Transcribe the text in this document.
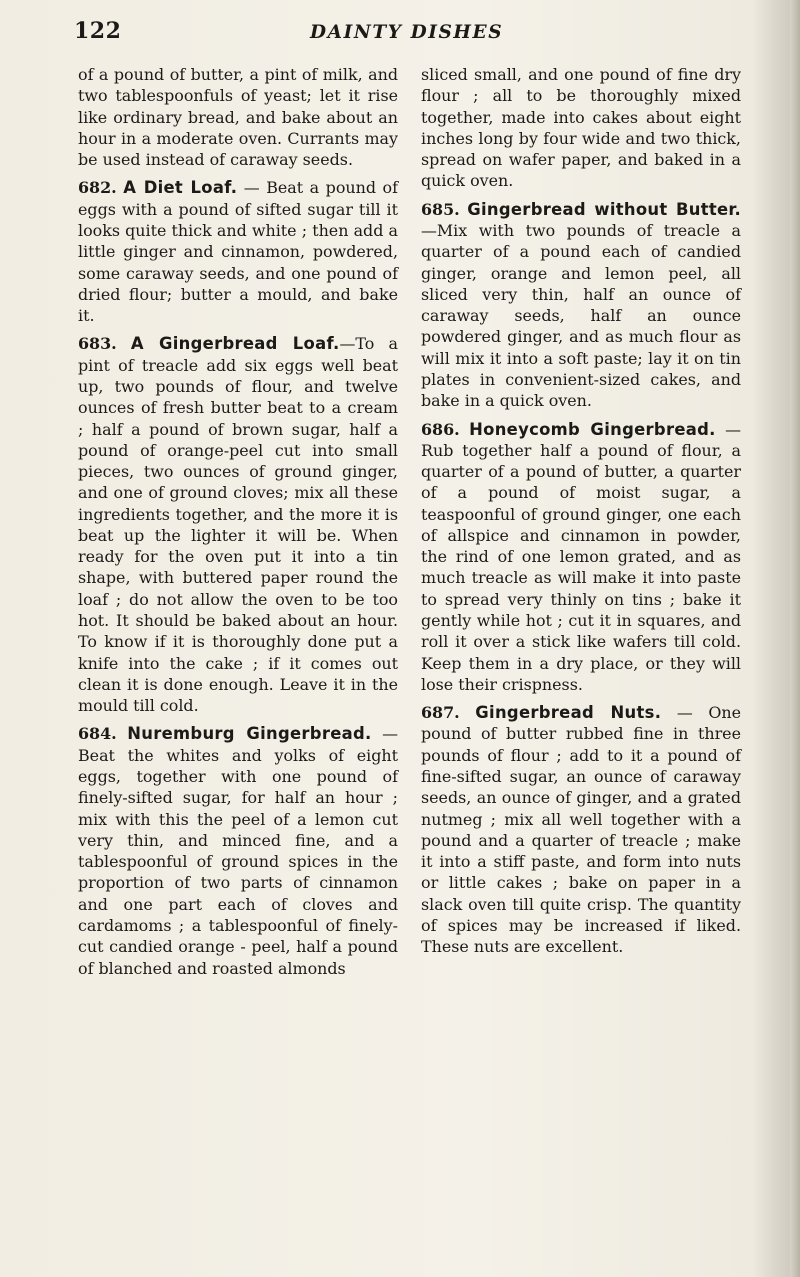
122	DAINTY DISHES

of a pound of butter, a pint of milk, and two tablespoonfuls of yeast; let it rise like ordinary bread, and bake about an hour in a moderate oven. Currants may be used instead of caraway seeds.

682. A Diet Loaf. — Beat a pound of eggs with a pound of sifted sugar till it looks quite thick and white ; then add a little ginger and cinnamon, powdered, some caraway seeds, and one pound of dried flour; butter a mould, and bake it.

683. A Gingerbread Loaf.—To a pint of treacle add six eggs well beat up, two pounds of flour, and twelve ounces of fresh butter beat to a cream ; half a pound of brown sugar, half a pound of orange-peel cut into small pieces, two ounces of ground ginger, and one of ground cloves; mix all these ingredients together, and the more it is beat up the lighter it will be. When ready for the oven put it into a tin shape, with buttered paper round the loaf ; do not allow the oven to be too hot. It should be baked about an hour. To know if it is thoroughly done put a knife into the cake ; if it comes out clean it is done enough. Leave it in the mould till cold.

684. Nuremburg Gingerbread. —Beat the whites and yolks of eight eggs, together with one pound of finely-sifted sugar, for half an hour ; mix with this the peel of a lemon cut very thin, and minced fine, and a tablespoonful of ground spices in the proportion of two parts of cinnamon and one part each of cloves and cardamoms ; a tablespoonful of finely-cut candied orange - peel, half a pound of blanched and roasted almonds

sliced small, and one pound of fine dry flour ; all to be thoroughly mixed together, made into cakes about eight inches long by four wide and two thick, spread on wafer paper, and baked in a quick oven.

685. Gingerbread without Butter.—Mix with two pounds of treacle a quarter of a pound each of candied ginger, orange and lemon peel, all sliced very thin, half an ounce of caraway seeds, half an ounce powdered ginger, and as much flour as will mix it into a soft paste; lay it on tin plates in convenient-sized cakes, and bake in a quick oven.

686. Honeycomb Gingerbread. —Rub together half a pound of flour, a quarter of a pound of butter, a quarter of a pound of moist sugar, a teaspoonful of ground ginger, one each of allspice and cinnamon in powder, the rind of one lemon grated, and as much treacle as will make it into paste to spread very thinly on tins ; bake it gently while hot ; cut it in squares, and roll it over a stick like wafers till cold. Keep them in a dry place, or they will lose their crispness.

687. Gingerbread Nuts. — One pound of butter rubbed fine in three pounds of flour ; add to it a pound of fine-sifted sugar, an ounce of caraway seeds, an ounce of ginger, and a grated nutmeg ; mix all well together with a pound and a quarter of treacle ; make it into a stiff paste, and form into nuts or little cakes ; bake on paper in a slack oven till quite crisp. The quantity of spices may be increased if liked. These nuts are excellent.
